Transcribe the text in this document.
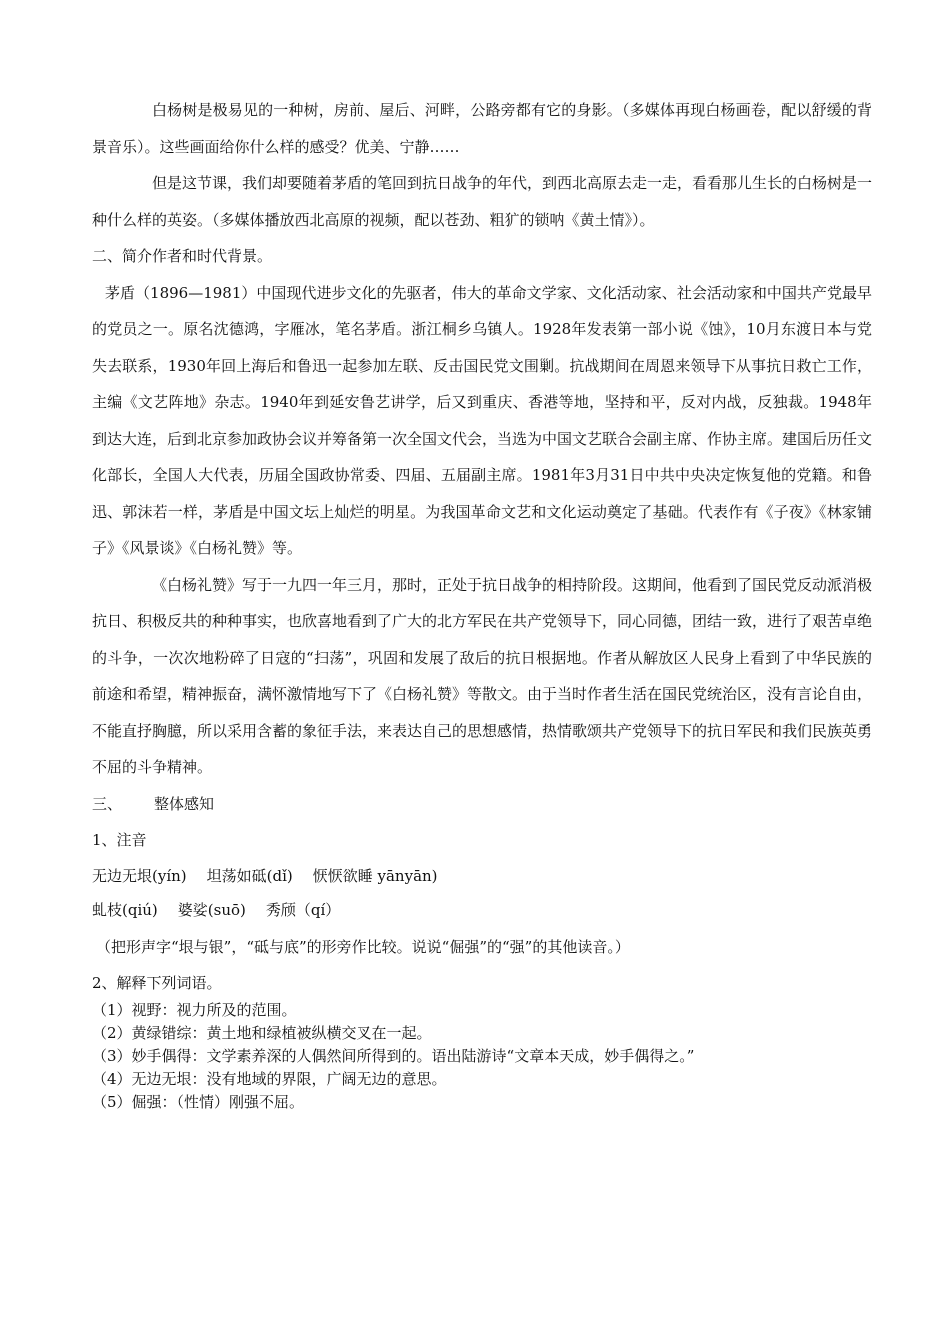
白杨树是极易见的一种树，房前、屋后、河畔，公路旁都有它的身影。（多媒体再现白杨画卷，配以舒缓的背景音乐）。这些画面给你什么样的感受？优美、宁静……

但是这节课，我们却要随着茅盾的笔回到抗日战争的年代，到西北高原去走一走，看看那儿生长的白杨树是一种什么样的英姿。（多媒体播放西北高原的视频，配以苍劲、粗犷的锁呐《黄土情》）。

二、简介作者和时代背景。

茅盾（1896—1981）中国现代进步文化的先驱者，伟大的革命文学家、文化活动家、社会活动家和中国共产党最早的党员之一。原名沈德鸿，字雁冰，笔名茅盾。浙江桐乡乌镇人。1928年发表第一部小说《蚀》，10月东渡日本与党失去联系，1930年回上海后和鲁迅一起参加左联、反击国民党文围剿。抗战期间在周恩来领导下从事抗日救亡工作，主编《文艺阵地》杂志。1940年到延安鲁艺讲学，后又到重庆、香港等地，坚持和平，反对内战，反独裁。1948年到达大连，后到北京参加政协会议并筹备第一次全国文代会，当选为中国文艺联合会副主席、作协主席。建国后历任文化部长，全国人大代表，历届全国政协常委、四届、五届副主席。1981年3月31日中共中央决定恢复他的党籍。和鲁迅、郭沫若一样，茅盾是中国文坛上灿烂的明星。为我国革命文艺和文化运动奠定了基础。代表作有《子夜》《林家铺子》《风景谈》《白杨礼赞》等。

《白杨礼赞》写于一九四一年三月，那时，正处于抗日战争的相持阶段。这期间，他看到了国民党反动派消极抗日、积极反共的种种事实，也欣喜地看到了广大的北方军民在共产党领导下，同心同德，团结一致，进行了艰苦卓绝的斗争，一次次地粉碎了日寇的“扫荡”，巩固和发展了敌后的抗日根据地。作者从解放区人民身上看到了中华民族的前途和希望，精神振奋，满怀激情地写下了《白杨礼赞》等散文。由于当时作者生活在国民党统治区，没有言论自由，不能直抒胸臆，所以采用含蓄的象征手法，来表达自己的思想感情，热情歌颂共产党领导下的抗日军民和我们民族英勇不屈的斗争精神。

三、 整体感知

1、注音

无边无垠(yín) 坦荡如砥(dǐ) 恹恹欲睡 yānyān)

虬枝(qiú) 婆娑(suō) 秀颀（qí）

（把形声字“垠与银”，“砥与底”的形旁作比较。说说“倔强”的“强”的其他读音。）

2、解释下列词语。

（1）视野：视力所及的范围。

（2）黄绿错综：黄土地和绿植被纵横交叉在一起。

（3）妙手偶得：文学素养深的人偶然间所得到的。语出陆游诗“文章本天成，妙手偶得之。”

（4）无边无垠：没有地域的界限，广阔无边的意思。

（5）倔强：（性情）刚强不屈。
